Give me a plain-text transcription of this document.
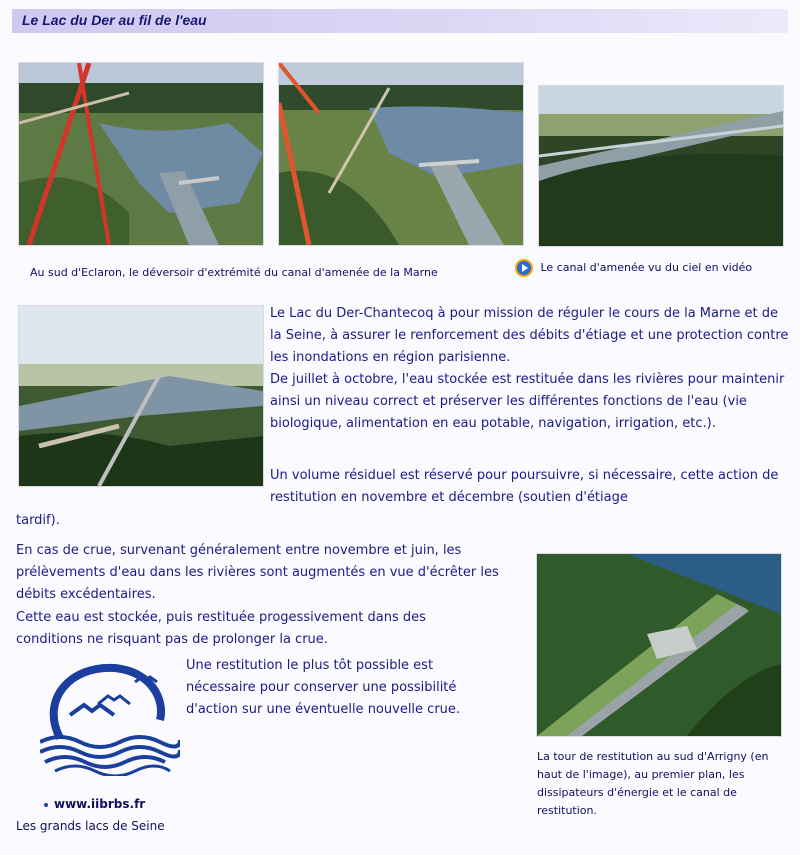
Le Lac du Der au fil de l'eau
Au sud d'Eclaron, le déversoir d'extrémité du canal d'amenée de la Marne	Le canal d'amenée vu du ciel en vidéo

Le Lac du Der-Chantecoq à pour mission de réguler le cours de la Marne et de la Seine, à assurer le renforcement des débits d'étiage et une protection contre les inondations en région parisienne.

De juillet à octobre, l'eau stockée est restituée dans les rivières pour maintenir ainsi un niveau correct et préserver les différentes fonctions de l'eau (vie biologique, alimentation en eau potable, navigation, irrigation, etc.).

Un volume résiduel est réservé pour poursuivre, si nécessaire, cette action de restitution en novembre et décembre (soutien d'étiage

tardif).

En cas de crue, survenant généralement entre novembre et juin, les prélèvements d'eau dans les rivières sont augmentés en vue d'écrêter les débits excédentaires.

Cette eau est stockée, puis restituée progessivement dans des conditions ne risquant pas de prolonger la crue.

Une restitution le plus tôt possible est nécessaire pour conserver une possibilité d'action sur une éventuelle nouvelle crue.

www.iibrbs.fr
Les grands lacs de Seine
La tour de restitution au sud d'Arrigny (en haut de l'image), au premier plan, les dissipateurs d'énergie et le canal de restitution.
